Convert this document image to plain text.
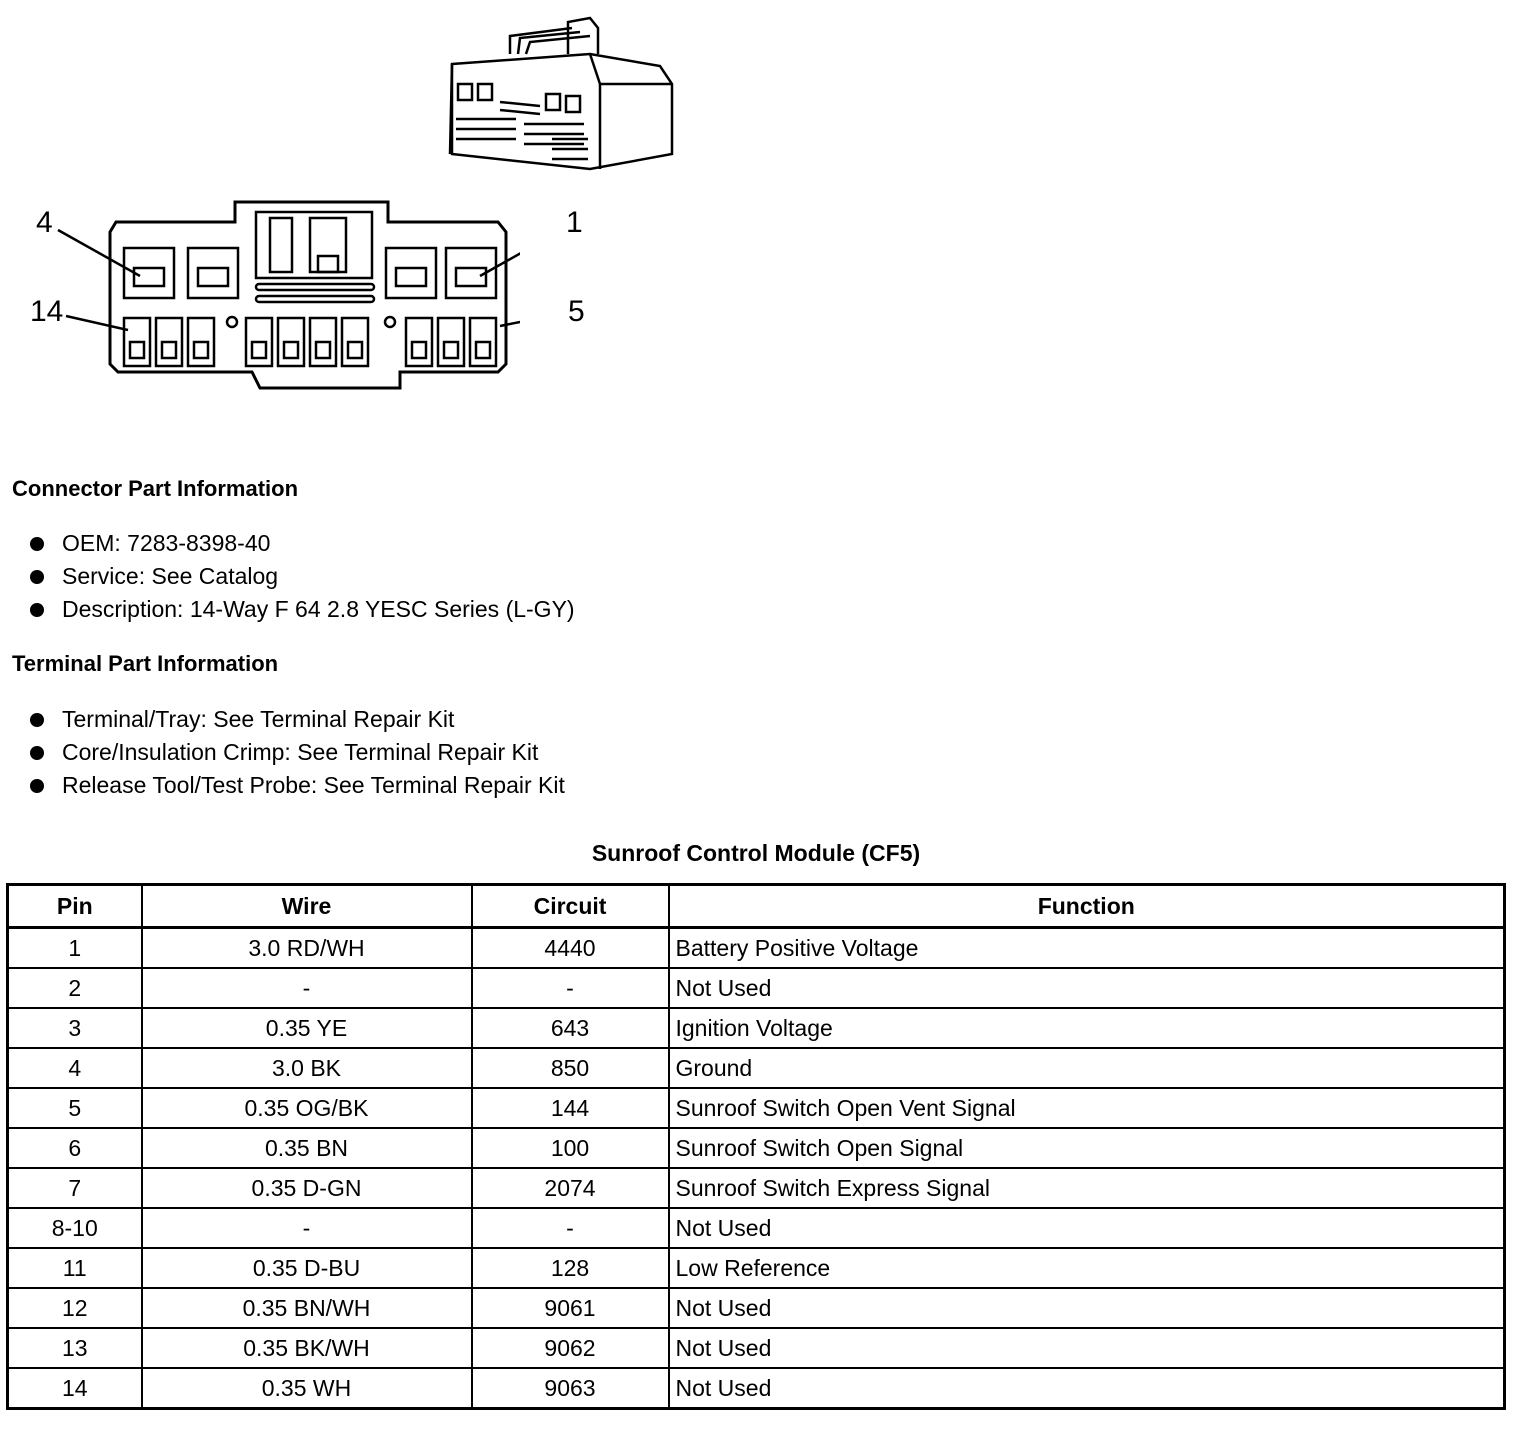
4	1
14	5
Connector Part Information
OEM: 7283-8398-40
Service: See Catalog
Description: 14-Way F 64 2.8 YESC Series (L-GY)
Terminal Part Information
Terminal/Tray: See Terminal Repair Kit
Core/Insulation Crimp: See Terminal Repair Kit
Release Tool/Test Probe: See Terminal Repair Kit
Sunroof Control Module (CF5)
Pin	Wire	Circuit	Function
1	3.0 RD/WH	4440	Battery Positive Voltage
2	-	-	Not Used
3	0.35 YE	643	Ignition Voltage
4	3.0 BK	850	Ground
5	0.35 OG/BK	144	Sunroof Switch Open Vent Signal
6	0.35 BN	100	Sunroof Switch Open Signal
7	0.35 D-GN	2074	Sunroof Switch Express Signal
8-10	-	-	Not Used
11	0.35 D-BU	128	Low Reference
12	0.35 BN/WH	9061	Not Used
13	0.35 BK/WH	9062	Not Used
14	0.35 WH	9063	Not Used
